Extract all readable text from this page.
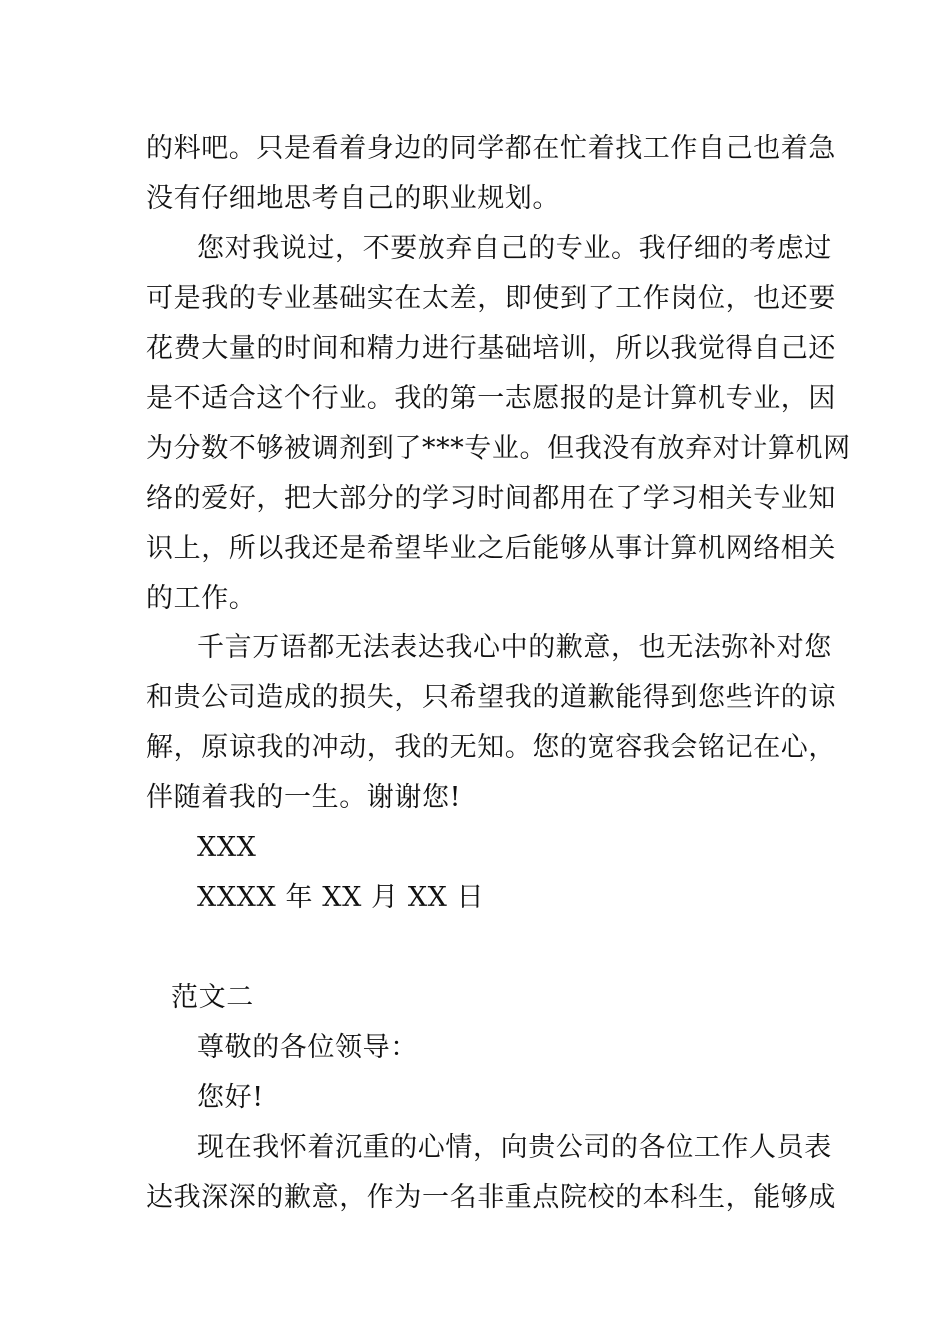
的料吧。只是看着身边的同学都在忙着找工作自己也着急
没有仔细地思考自己的职业规划。
您对我说过，不要放弃自己的专业。我仔细的考虑过
可是我的专业基础实在太差，即使到了工作岗位，也还要
花费大量的时间和精力进行基础培训，所以我觉得自己还
是不适合这个行业。我的第一志愿报的是计算机专业，因
为分数不够被调剂到了***专业。但我没有放弃对计算机网
络的爱好，把大部分的学习时间都用在了学习相关专业知
识上，所以我还是希望毕业之后能够从事计算机网络相关
的工作。
千言万语都无法表达我心中的歉意，也无法弥补对您
和贵公司造成的损失，只希望我的道歉能得到您些许的谅
解，原谅我的冲动，我的无知。您的宽容我会铭记在心，
伴随着我的一生。谢谢您!
XXX
XXXX 年 XX 月 XX 日
范文二
尊敬的各位领导：
您好!
现在我怀着沉重的心情，向贵公司的各位工作人员表
达我深深的歉意，作为一名非重点院校的本科生，能够成
